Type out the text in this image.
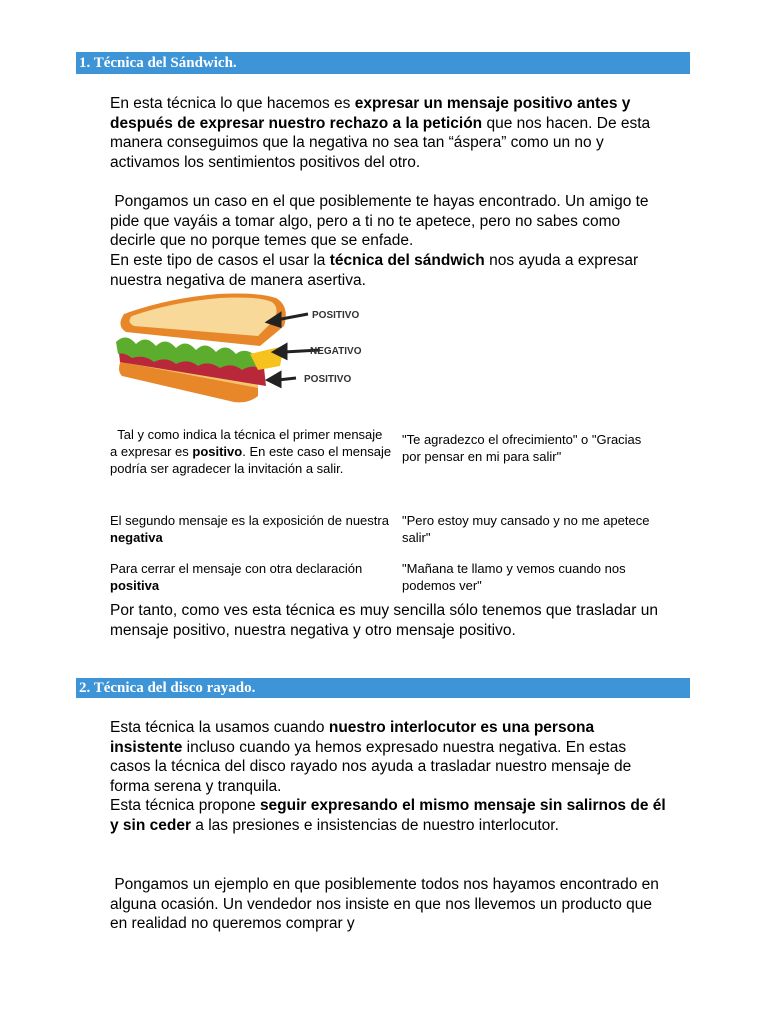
1. Técnica del Sándwich.

En esta técnica lo que hacemos es expresar un mensaje positivo antes y después de expresar nuestro rechazo a la petición que nos hacen. De esta manera conseguimos que la negativa no sea tan “áspera” como un no y activamos los sentimientos positivos del otro.

Pongamos un caso en el que posiblemente te hayas encontrado. Un amigo te pide que vayáis a tomar algo, pero a ti no te apetece, pero no sabes como decirle que no porque temes que se enfade.

En este tipo de casos el usar la técnica del sándwich nos ayuda a expresar nuestra negativa de manera asertiva.

POSITIVO
NEGATIVO
POSITIVO

Tal y como indica la técnica el primer mensaje a expresar es positivo. En este caso el mensaje podría ser agradecer la invitación a salir.

"Te agradezco el ofrecimiento" o "Gracias por pensar en mi para salir"

El segundo mensaje es la exposición de nuestra negativa

"Pero estoy muy cansado y no me apetece salir"

Para cerrar el mensaje con otra declaración positiva

"Mañana te llamo y vemos cuando nos podemos ver"

Por tanto, como ves esta técnica es muy sencilla sólo tenemos que trasladar un mensaje positivo, nuestra negativa y otro mensaje positivo.

2. Técnica del disco rayado.

Esta técnica la usamos cuando nuestro interlocutor es una persona insistente incluso cuando ya hemos expresado nuestra negativa. En estas casos la técnica del disco rayado nos ayuda a trasladar nuestro mensaje de forma serena y tranquila.

Esta técnica propone seguir expresando el mismo mensaje sin salirnos de él y sin ceder a las presiones e insistencias de nuestro interlocutor.

Pongamos un ejemplo en que posiblemente todos nos hayamos encontrado en alguna ocasión. Un vendedor nos insiste en que nos llevemos un producto que en realidad no queremos comprar y
